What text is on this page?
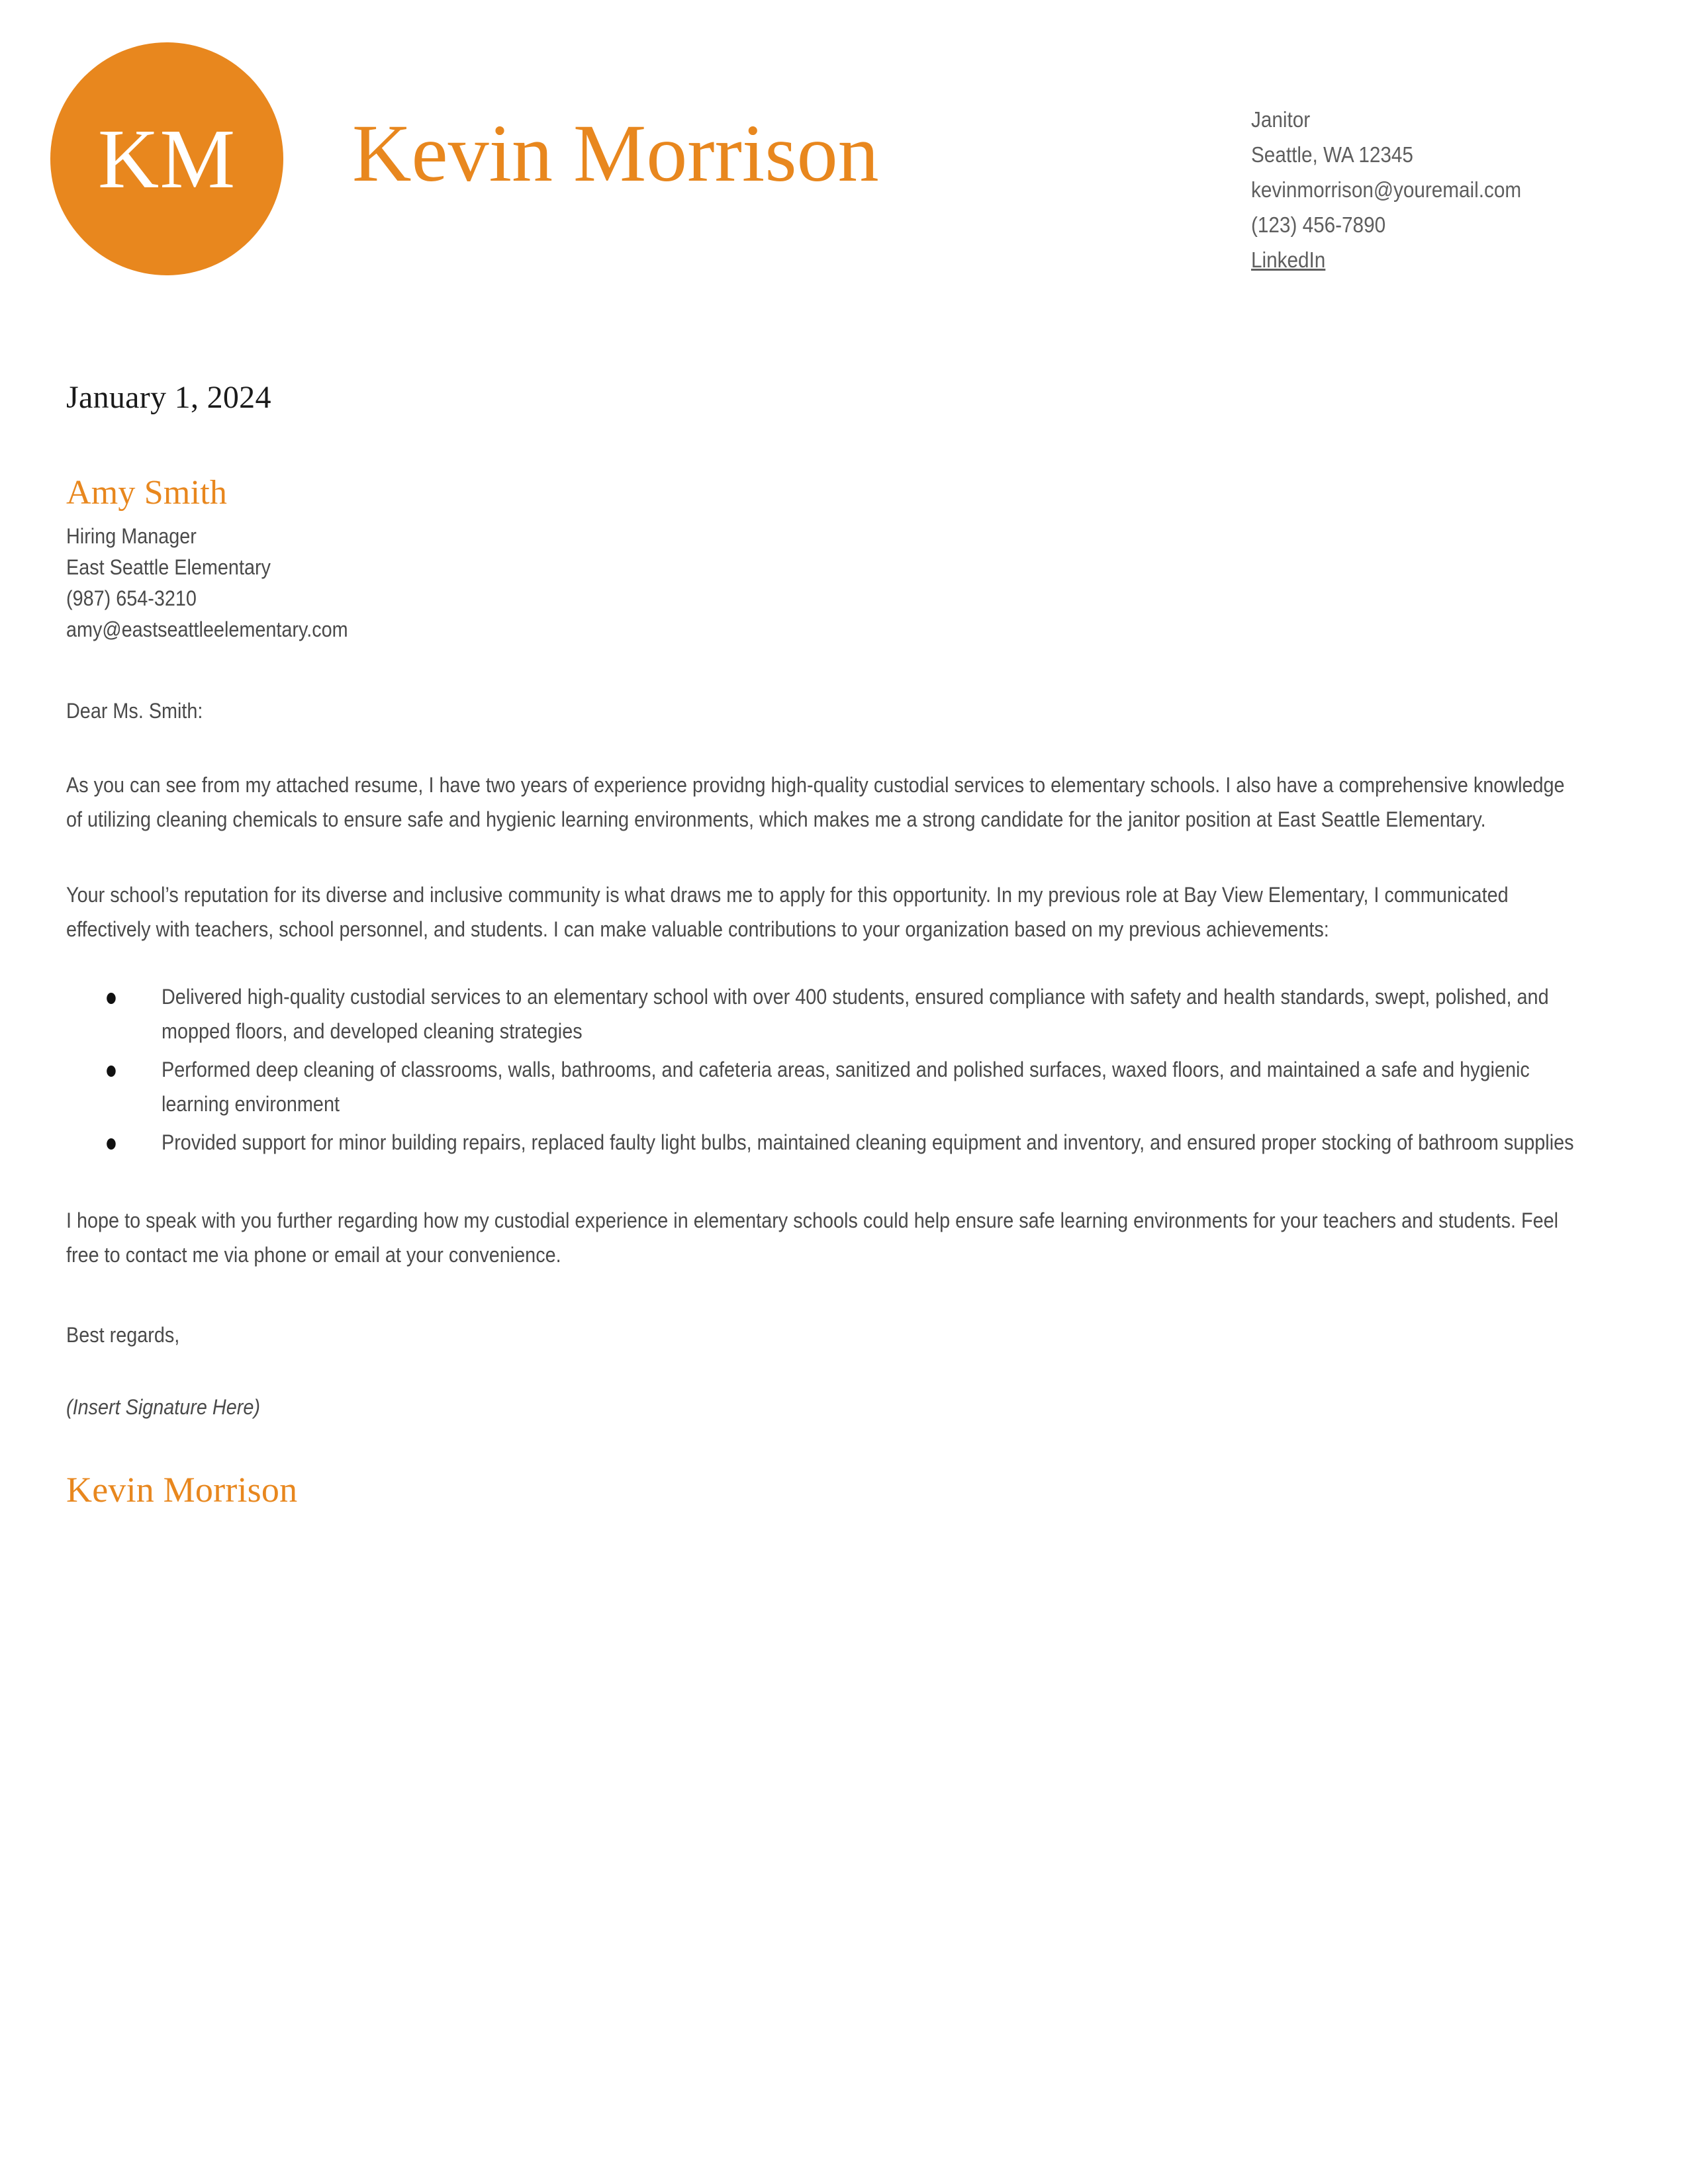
KM Kevin Morrison	Janitor
Seattle, WA 12345
kevinmorrison@youremail.com
(123) 456-7890
LinkedIn
January 1, 2024
Amy Smith
Hiring Manager
East Seattle Elementary
(987) 654-3210
amy@eastseattleelementary.com
Dear Ms. Smith:

As you can see from my attached resume, I have two years of experience providng high-quality custodial services to elementary schools. I also have a comprehensive knowledge of utilizing cleaning chemicals to ensure safe and hygienic learning environments, which makes me a strong candidate for the janitor position at East Seattle Elementary.

Your school’s reputation for its diverse and inclusive community is what draws me to apply for this opportunity. In my previous role at Bay View Elementary, I communicated effectively with teachers, school personnel, and students. I can make valuable contributions to your organization based on my previous achievements:

Delivered high-quality custodial services to an elementary school with over 400 students, ensured compliance with safety and health standards, swept, polished, and mopped floors, and developed cleaning strategies
Performed deep cleaning of classrooms, walls, bathrooms, and cafeteria areas, sanitized and polished surfaces, waxed floors, and maintained a safe and hygienic learning environment
Provided support for minor building repairs, replaced faulty light bulbs, maintained cleaning equipment and inventory, and ensured proper stocking of bathroom supplies

I hope to speak with you further regarding how my custodial experience in elementary schools could help ensure safe learning environments for your teachers and students. Feel free to contact me via phone or email at your convenience.

Best regards,
(Insert Signature Here)
Kevin Morrison
